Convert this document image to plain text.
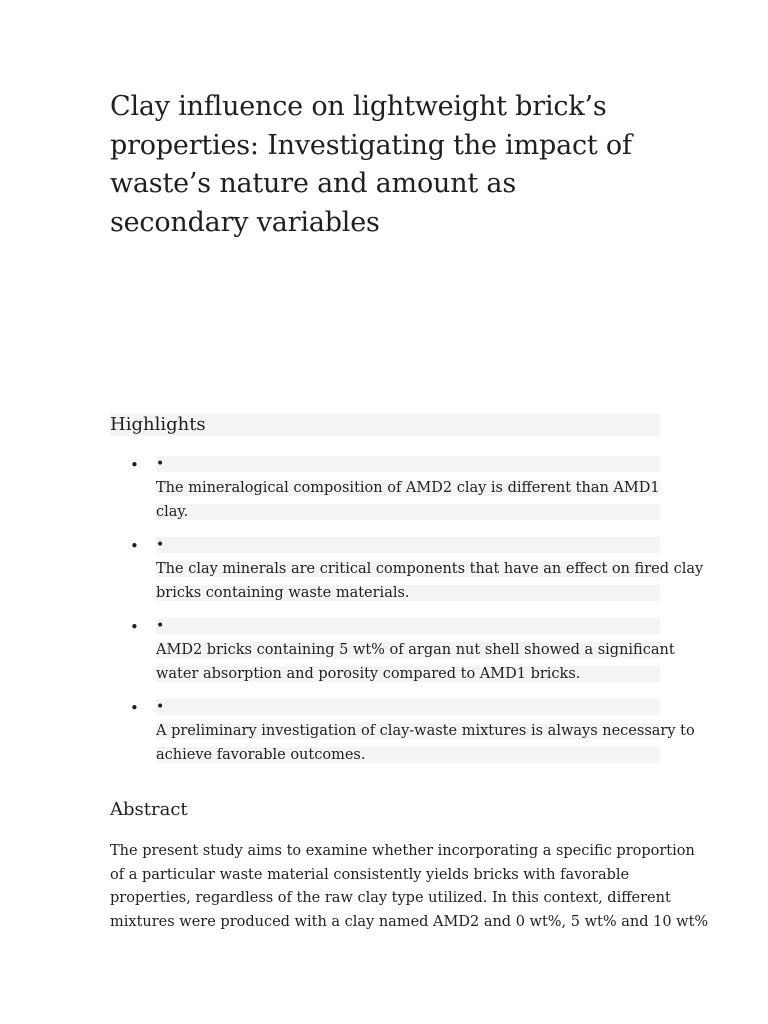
Clay influence on lightweight brick’s
properties: Investigating the impact of
waste’s nature and amount as
secondary variables
Highlights
• •
The mineralogical composition of AMD2 clay is different than AMD1
clay.
• •
The clay minerals are critical components that have an effect on fired clay
bricks containing waste materials.
• •
AMD2 bricks containing 5 wt% of argan nut shell showed a significant
water absorption and porosity compared to AMD1 bricks.
• •
A preliminary investigation of clay-waste mixtures is always necessary to
achieve favorable outcomes.
Abstract

The present study aims to examine whether incorporating a specific proportion
of a particular waste material consistently yields bricks with favorable
properties, regardless of the raw clay type utilized. In this context, different
mixtures were produced with a clay named AMD2 and 0 wt%, 5 wt% and 10 wt%
